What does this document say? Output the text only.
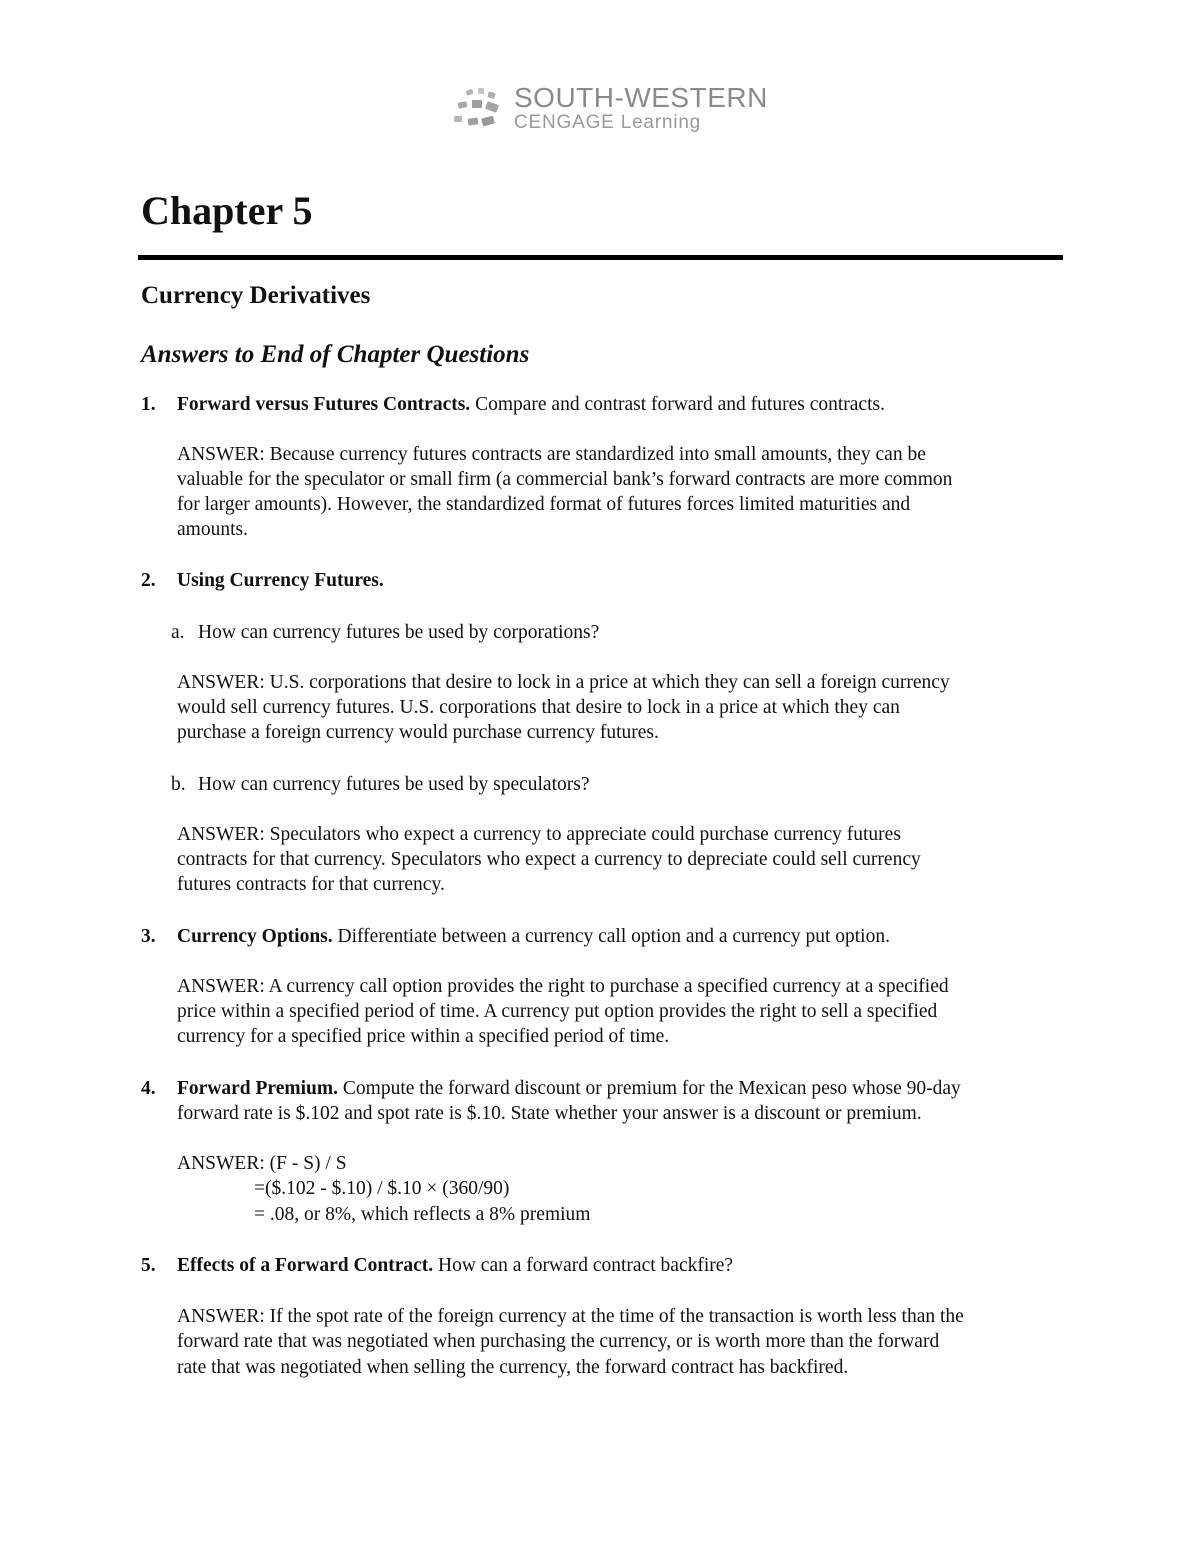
SOUTH-WESTERN
CENGAGE Learning
Chapter 5
Currency Derivatives
Answers to End of Chapter Questions
1. Forward versus Futures Contracts. Compare and contrast forward and futures contracts.

ANSWER: Because currency futures contracts are standardized into small amounts, they can be

valuable for the speculator or small firm (a commercial bank’s forward contracts are more common

for larger amounts). However, the standardized format of futures forces limited maturities and

amounts.

2. Using Currency Futures.

a. How can currency futures be used by corporations?

ANSWER: U.S. corporations that desire to lock in a price at which they can sell a foreign currency

would sell currency futures. U.S. corporations that desire to lock in a price at which they can

purchase a foreign currency would purchase currency futures.

b. How can currency futures be used by speculators?

ANSWER: Speculators who expect a currency to appreciate could purchase currency futures

contracts for that currency. Speculators who expect a currency to depreciate could sell currency

futures contracts for that currency.

3. Currency Options. Differentiate between a currency call option and a currency put option.

ANSWER: A currency call option provides the right to purchase a specified currency at a specified

price within a specified period of time. A currency put option provides the right to sell a specified

currency for a specified price within a specified period of time.

4. Forward Premium. Compute the forward discount or premium for the Mexican peso whose 90-day

forward rate is $.102 and spot rate is $.10. State whether your answer is a discount or premium.

ANSWER: (F - S) / S

=($.102 - $.10) / $.10 × (360/90)

= .08, or 8%, which reflects a 8% premium

5. Effects of a Forward Contract. How can a forward contract backfire?

ANSWER: If the spot rate of the foreign currency at the time of the transaction is worth less than the

forward rate that was negotiated when purchasing the currency, or is worth more than the forward

rate that was negotiated when selling the currency, the forward contract has backfired.
